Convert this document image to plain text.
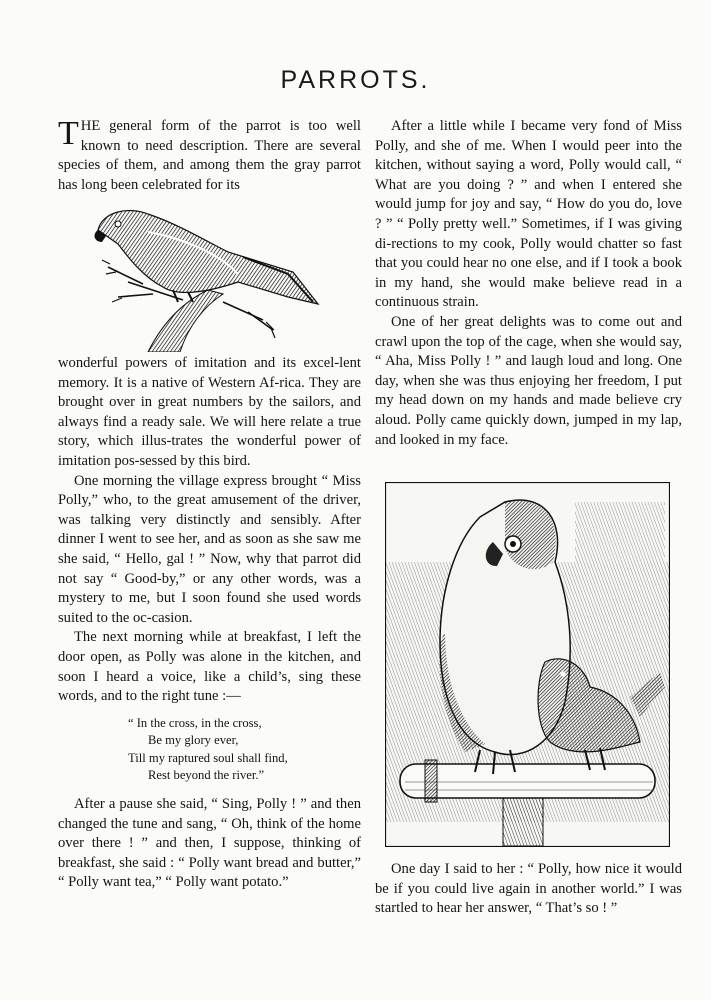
PARROTS.

THE general form of the parrot is too well known to need description. There are several species of them, and among them the gray parrot has long been celebrated for its

wonderful powers of imitation and its excel-lent memory. It is a native of Western Af-rica. They are brought over in great numbers by the sailors, and always find a ready sale. We will here relate a true story, which illus-trates the wonderful power of imitation pos-sessed by this bird.

One morning the village express brought “ Miss Polly,” who, to the great amusement of the driver, was talking very distinctly and sensibly. After dinner I went to see her, and as soon as she saw me she said, “ Hello, gal ! ” Now, why that parrot did not say “ Good-by,” or any other words, was a mystery to me, but I soon found she used words suited to the oc-casion.

The next morning while at breakfast, I left the door open, as Polly was alone in the kitchen, and soon I heard a voice, like a child’s, sing these words, and to the right tune :—

“ In the cross, in the cross,
Be my glory ever,
Till my raptured soul shall find,
Rest beyond the river.”

After a pause she said, “ Sing, Polly ! ” and then changed the tune and sang, “ Oh, think of the home over there ! ” and then, I suppose, thinking of breakfast, she said : “ Polly want bread and butter,” “ Polly want tea,” “ Polly want potato.”

After a little while I became very fond of Miss Polly, and she of me. When I would peer into the kitchen, without saying a word, Polly would call, “ What are you doing ? ” and when I entered she would jump for joy and say, “ How do you do, love ? ” “ Polly pretty well.” Sometimes, if I was giving di-rections to my cook, Polly would chatter so fast that you could hear no one else, and if I took a book in my hand, she would make believe read in a continuous strain.

One of her great delights was to come out and crawl upon the top of the cage, when she would say, “ Aha, Miss Polly ! ” and laugh loud and long. One day, when she was thus enjoying her freedom, I put my head down on my hands and made believe cry aloud. Polly came quickly down, jumped in my lap, and looked in my face.

One day I said to her : “ Polly, how nice it would be if you could live again in another world.” I was startled to hear her answer, “ That’s so ! ”
